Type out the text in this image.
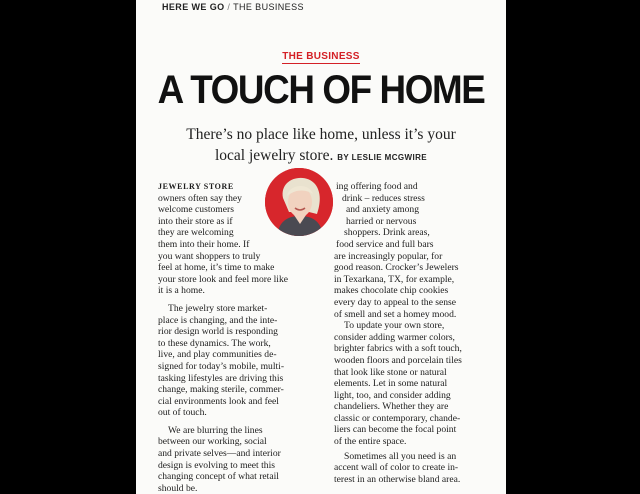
HERE WE GO / THE BUSINESS
THE BUSINESS
A TOUCH OF HOME
There’s no place like home, unless it’s your
local jewelry store. BY LESLIE MCGWIRE

JEWELRY STORE
owners often say they
welcome customers
into their store as if
they are welcoming
them into their home. If
you want shoppers to truly
feel at home, it’s time to make
your store look and feel more like
it is a home.

The jewelry store market-
place is changing, and the inte-
rior design world is responding
to these dynamics. The work,
live, and play communities de-
signed for today’s mobile, multi-
tasking lifestyles are driving this
change, making sterile, commer-
cial environments look and feel
out of touch.

We are blurring the lines
between our working, social
and private selves—and interior
design is evolving to meet this
changing concept of what retail
should be.

ing offering food and
drink – reduces stress
and anxiety among
harried or nervous
shoppers. Drink areas,
food service and full bars
are increasingly popular, for
good reason. Crocker’s Jewelers
in Texarkana, TX, for example,
makes chocolate chip cookies
every day to appeal to the sense
of smell and set a homey mood.

To update your own store,
consider adding warmer colors,
brighter fabrics with a soft touch,
wooden floors and porcelain tiles
that look like stone or natural
elements. Let in some natural
light, too, and consider adding
chandeliers. Whether they are
classic or contemporary, chande-
liers can become the focal point
of the entire space.

Sometimes all you need is an
accent wall of color to create in-
terest in an otherwise bland area.
